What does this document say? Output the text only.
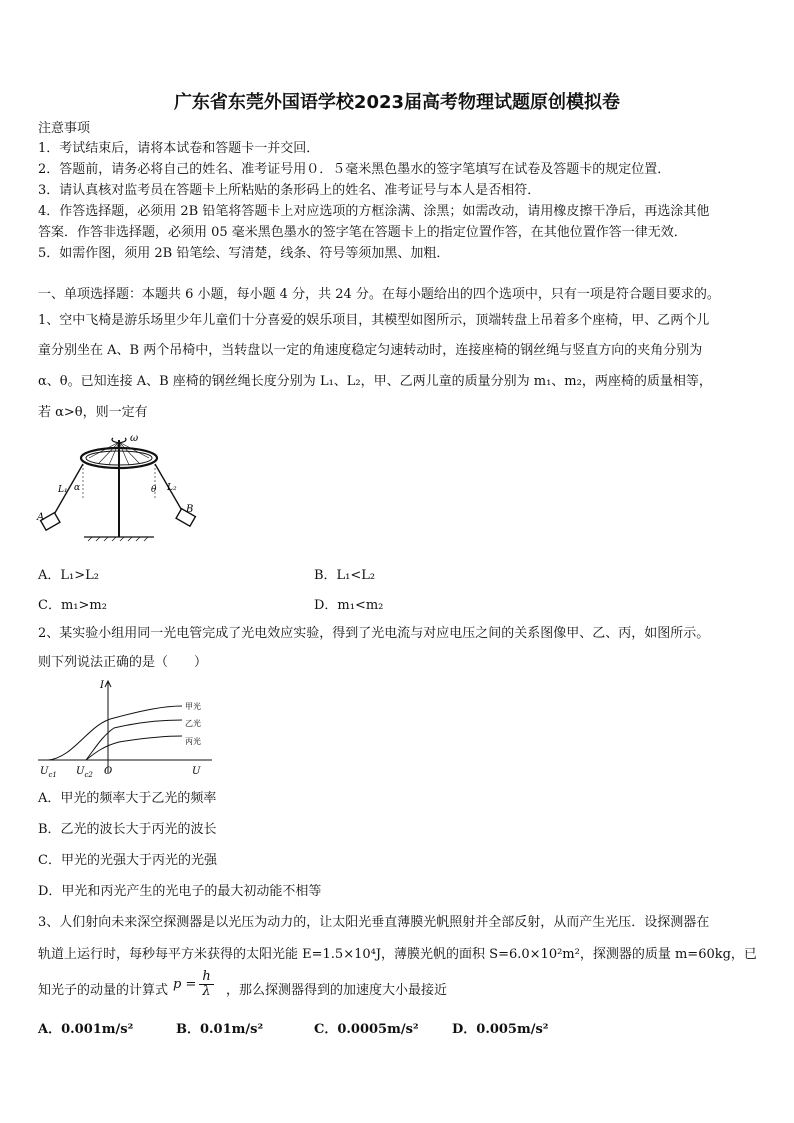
广东省东莞外国语学校2023届高考物理试题原创模拟卷
注意事项
1．考试结束后，请将本试卷和答题卡一并交回．
2．答题前，请务必将自己的姓名、准考证号用０．５毫米黑色墨水的签字笔填写在试卷及答题卡的规定位置．
3．请认真核对监考员在答题卡上所粘贴的条形码上的姓名、准考证号与本人是否相符．
4．作答选择题，必须用 2B 铅笔将答题卡上对应选项的方框涂满、涂黑；如需改动，请用橡皮擦干净后，再选涂其他
答案．作答非选择题，必须用 05 毫米黑色墨水的签字笔在答题卡上的指定位置作答，在其他位置作答一律无效．
5．如需作图，须用 2B 铅笔绘、写清楚，线条、符号等须加黑、加粗．
一、单项选择题：本题共 6 小题，每小题 4 分，共 24 分。在每小题给出的四个选项中，只有一项是符合题目要求的。
1、空中飞椅是游乐场里少年儿童们十分喜爱的娱乐项目，其模型如图所示，顶端转盘上吊着多个座椅，甲、乙两个儿
童分别坐在 A、B 两个吊椅中，当转盘以一定的角速度稳定匀速转动时，连接座椅的钢丝绳与竖直方向的夹角分别为
α、θ。已知连接 A、B 座椅的钢丝绳长度分别为 L₁、L₂，甲、乙两儿童的质量分别为 m₁、m₂，两座椅的质量相等，
若 α>θ，则一定有
ω
L₁ α	θ L₂
A
B
A．L₁>L₂	B．L₁<L₂
C．m₁>m₂	D．m₁<m₂
2、某实验小组用同一光电管完成了光电效应实验，得到了光电流与对应电压之间的关系图像甲、乙、丙，如图所示。
则下列说法正确的是（　　）
I
甲光
乙光
丙光
$U_{c1}$ $U_{c2}$ O	U
A．甲光的频率大于乙光的频率
B．乙光的波长大于丙光的波长
C．甲光的光强大于丙光的光强
D．甲光和丙光产生的光电子的最大初动能不相等
3、人们射向未来深空探测器是以光压为动力的，让太阳光垂直薄膜光帆照射并全部反射，从而产生光压．设探测器在
轨道上运行时，每秒每平方米获得的太阳光能 E=1.5×10⁴J，薄膜光帆的面积 S=6.0×10²m²，探测器的质量 m=60kg，已
知光子的动量的计算式 $p = \frac{h}{\lambda}$ ，那么探测器得到的加速度大小最接近
A．0.001m/s²	B．0.01m/s²	C．0.0005m/s²	D．0.005m/s²
